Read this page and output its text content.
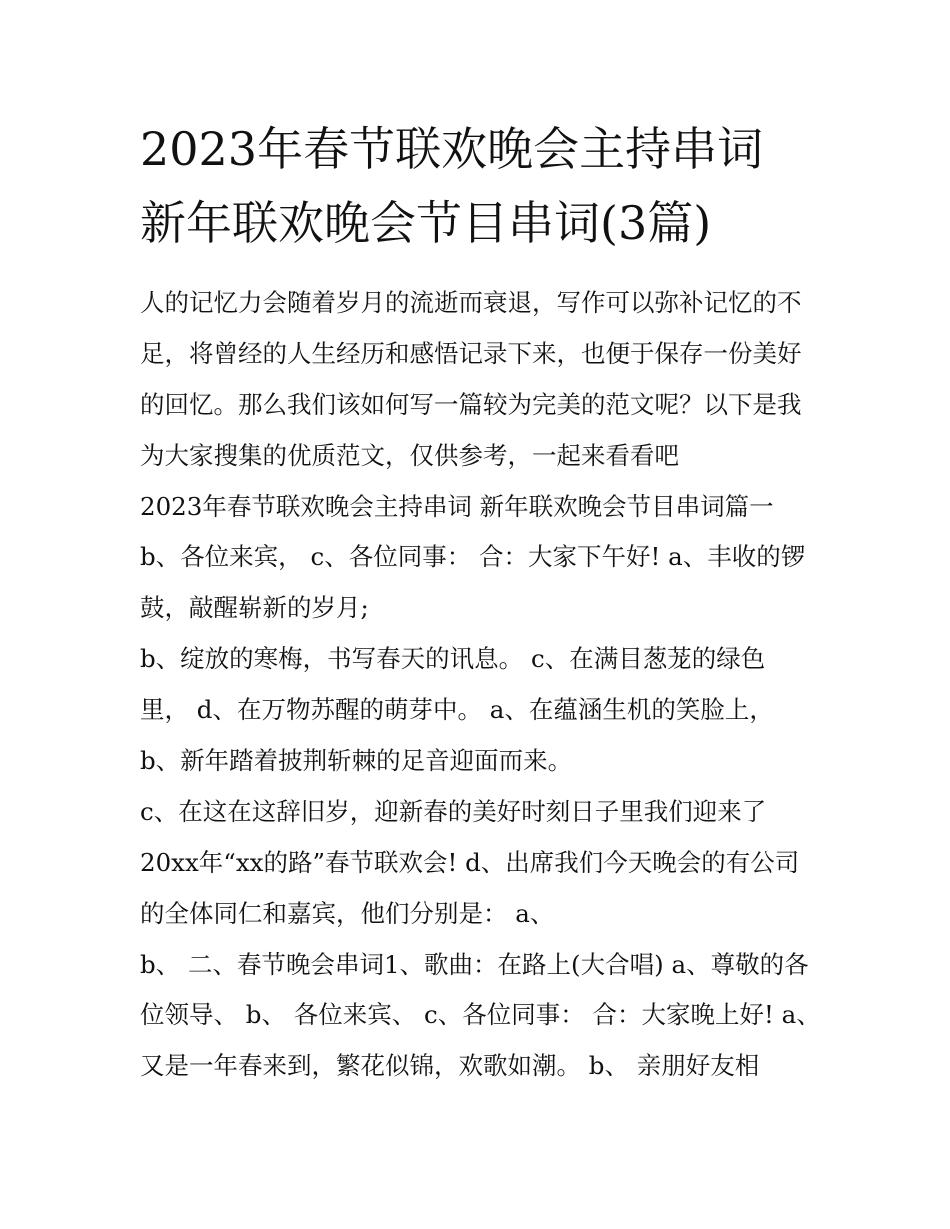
2023年春节联欢晚会主持串词
新年联欢晚会节目串词(3篇)
人的记忆力会随着岁月的流逝而衰退，写作可以弥补记忆的不
足，将曾经的人生经历和感悟记录下来，也便于保存一份美好
的回忆。那么我们该如何写一篇较为完美的范文呢？以下是我
为大家搜集的优质范文，仅供参考，一起来看看吧
2023年春节联欢晚会主持串词 新年联欢晚会节目串词篇一
b、各位来宾， c、各位同事： 合：大家下午好! a、丰收的锣
鼓，敲醒崭新的岁月;
b、绽放的寒梅，书写春天的讯息。 c、在满目葱茏的绿色
里， d、在万物苏醒的萌芽中。 a、在蕴涵生机的笑脸上，
b、新年踏着披荆斩棘的足音迎面而来。
c、在这在这辞旧岁，迎新春的美好时刻日子里我们迎来了
20xx年“xx的路”春节联欢会! d、出席我们今天晚会的有公司
的全体同仁和嘉宾，他们分别是： a、
b、 二、春节晚会串词1、歌曲：在路上(大合唱) a、尊敬的各
位领导、 b、 各位来宾、 c、各位同事： 合：大家晚上好! a、
又是一年春来到，繁花似锦，欢歌如潮。 b、 亲朋好友相
